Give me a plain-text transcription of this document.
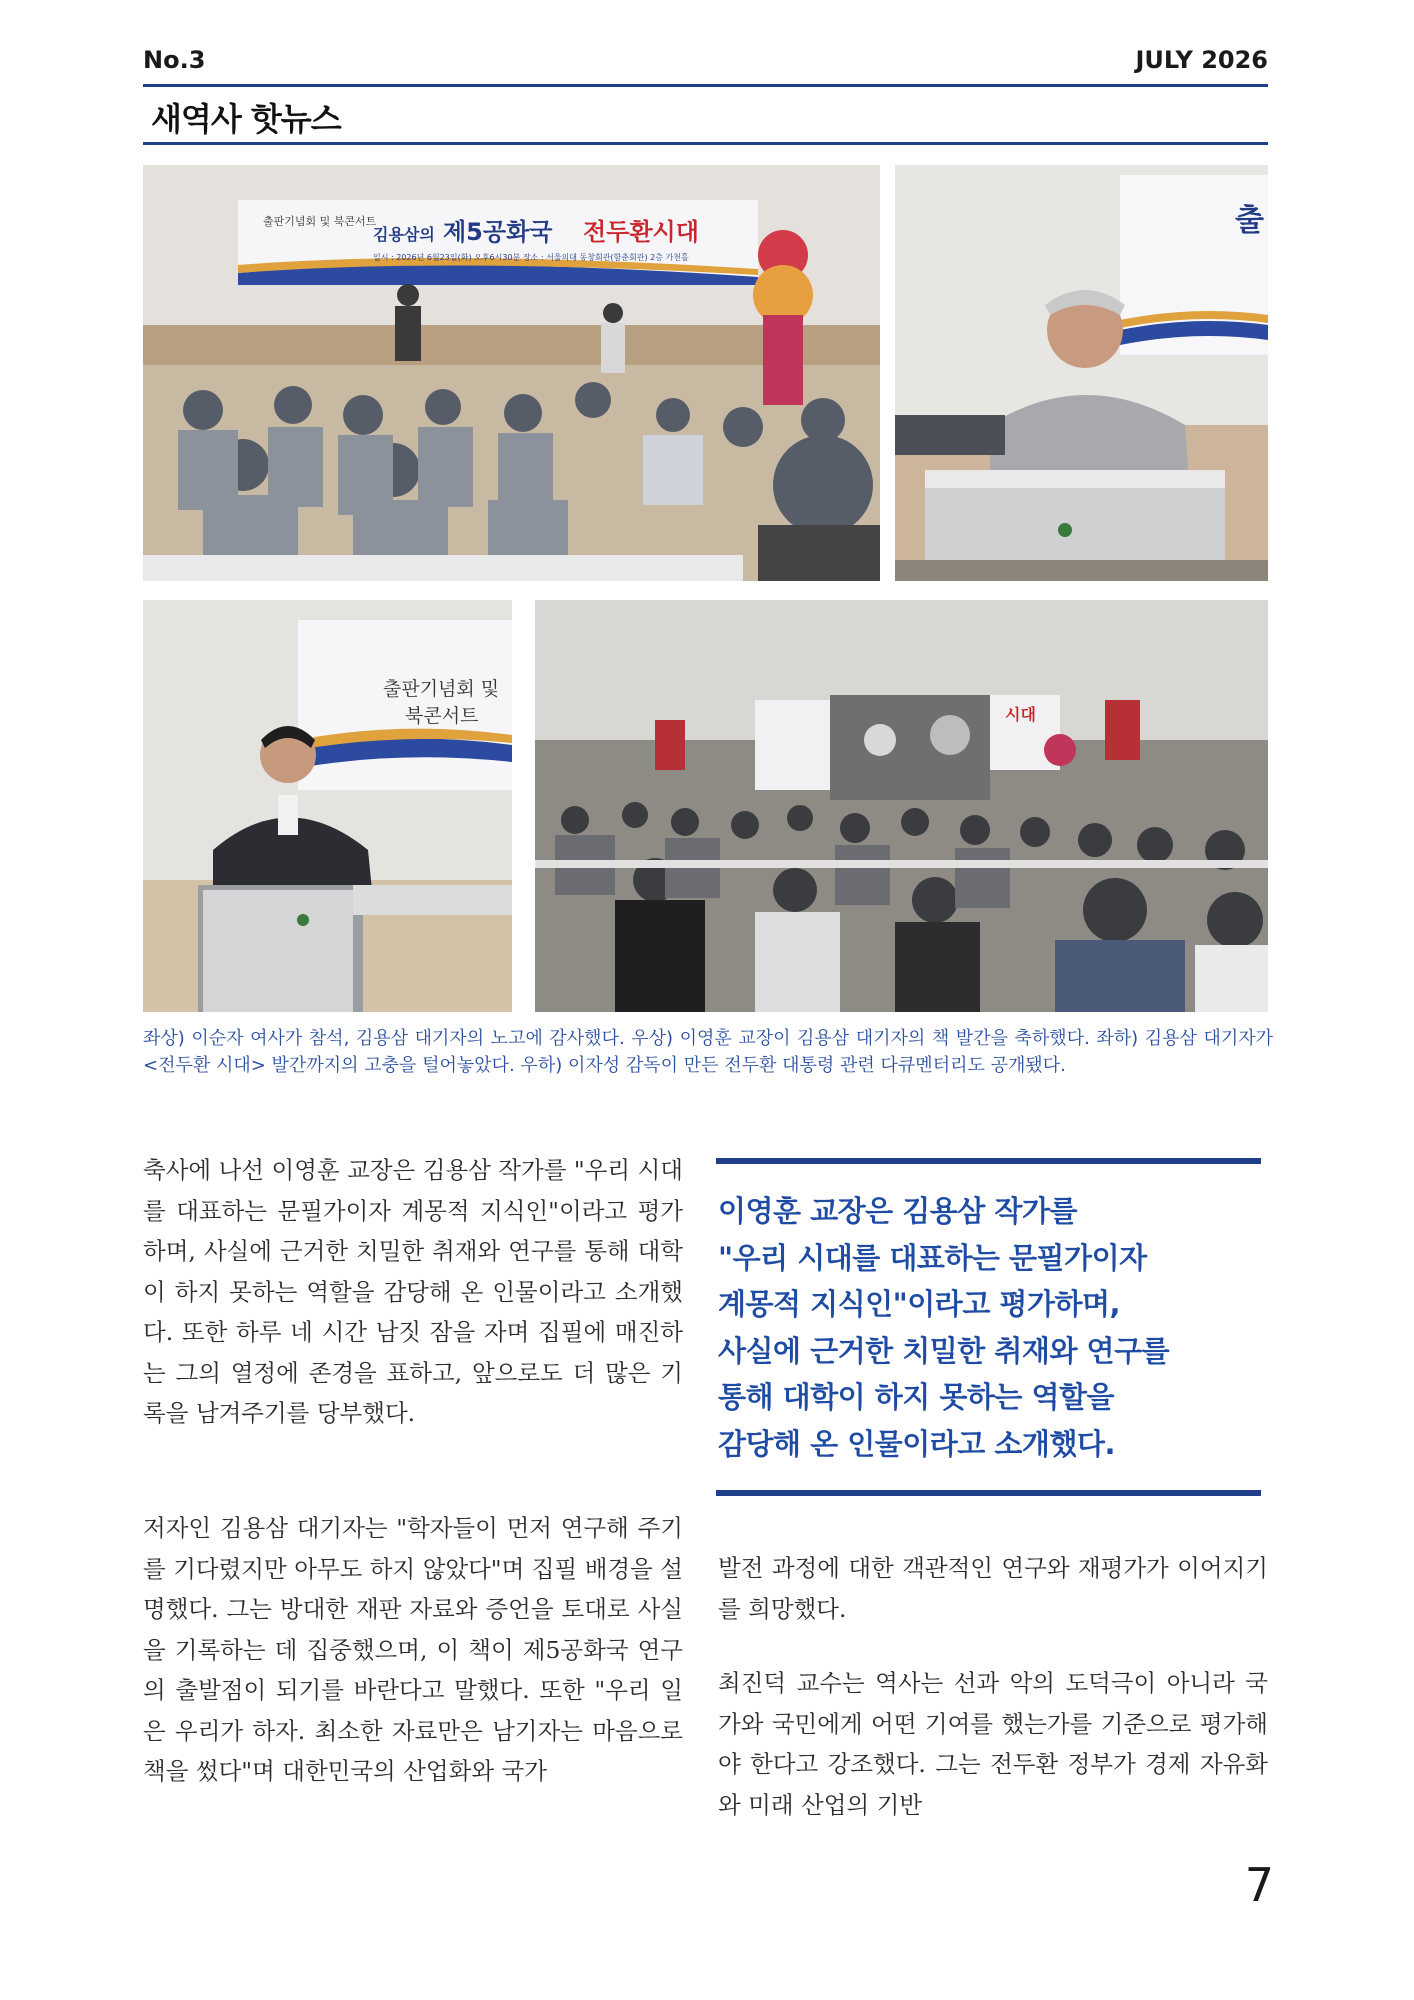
No.3	JULY 2026
새역사 핫뉴스
출판기념회 및 북콘서트
김용삼의 제5공화국 전두환시대
일시 : 2026년 6월23일(화) 오후6시30분 장소 : 서울의대 동창회관(함춘회관) 2층 가천홀
출
출판기념회 및
북콘서트	시대
좌상) 이순자 여사가 참석, 김용삼 대기자의 노고에 감사했다. 우상) 이영훈 교장이 김용삼 대기자의 책 발간을 축하했다. 좌하) 김용삼 대기자가 <전두환 시대> 발간까지의 고충을 털어놓았다. 우하) 이자성 감독이 만든 전두환 대통령 관련 다큐멘터리도 공개됐다.

축사에 나선 이영훈 교장은 김용삼 작가를 "우리 시대를 대표하는 문필가이자 계몽적 지식인"이라고 평가하며, 사실에 근거한 치밀한 취재와 연구를 통해 대학이 하지 못하는 역할을 감당해 온 인물이라고 소개했다. 또한 하루 네 시간 남짓 잠을 자며 집필에 매진하는 그의 열정에 존경을 표하고, 앞으로도 더 많은 기록을 남겨주기를 당부했다.

저자인 김용삼 대기자는 "학자들이 먼저 연구해 주기를 기다렸지만 아무도 하지 않았다"며 집필 배경을 설명했다. 그는 방대한 재판 자료와 증언을 토대로 사실을 기록하는 데 집중했으며, 이 책이 제5공화국 연구의 출발점이 되기를 바란다고 말했다. 또한 "우리 일은 우리가 하자. 최소한 자료만은 남기자는 마음으로 책을 썼다"며 대한민국의 산업화와 국가

이영훈 교장은 김용삼 작가를
"우리 시대를 대표하는 문필가이자
계몽적 지식인"이라고 평가하며,
사실에 근거한 치밀한 취재와 연구를
통해 대학이 하지 못하는 역할을
감당해 온 인물이라고 소개했다.

발전 과정에 대한 객관적인 연구와 재평가가 이어지기를 희망했다.

최진덕 교수는 역사는 선과 악의 도덕극이 아니라 국가와 국민에게 어떤 기여를 했는가를 기준으로 평가해야 한다고 강조했다. 그는 전두환 정부가 경제 자유화와 미래 산업의 기반

7
